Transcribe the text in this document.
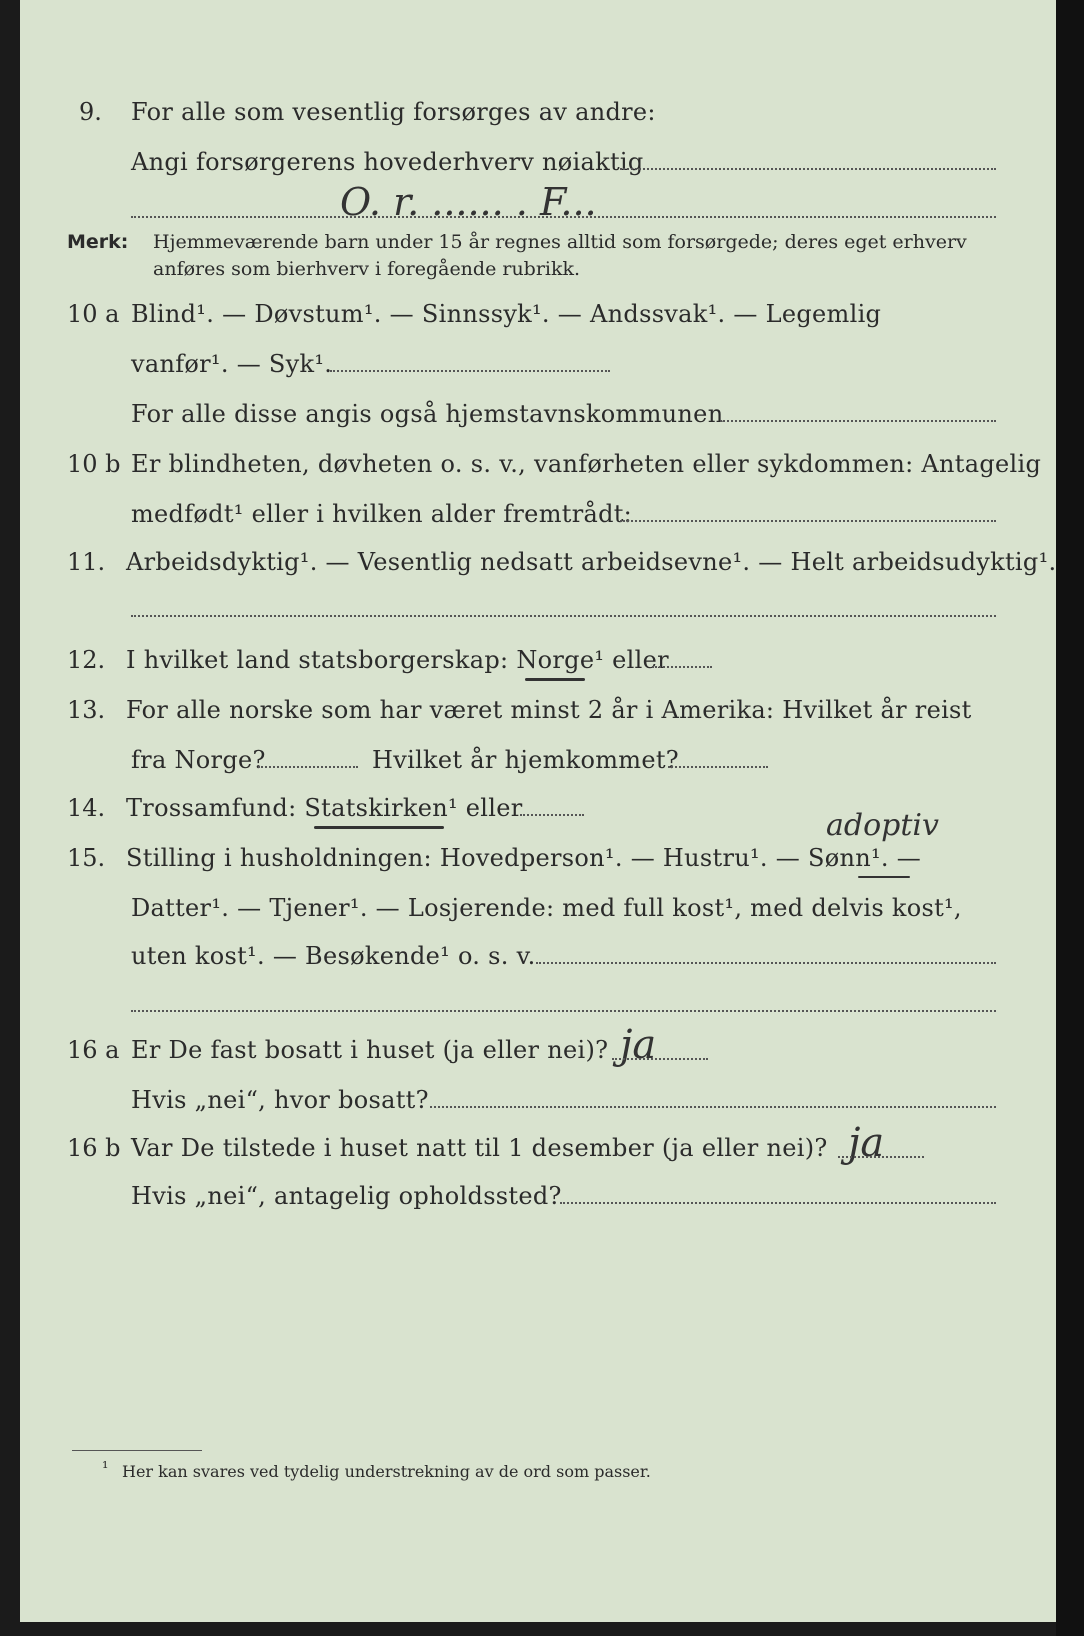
9. For alle som vesentlig forsørges av andre:
Angi forsørgerens hovederhverv nøiaktig
O. r. ...... . F...
Merk: Hjemmeværende barn under 15 år regnes alltid som forsørgede; deres eget erhverv
anføres som bierhverv i foregående rubrikk.
10 a Blind¹. — Døvstum¹. — Sinnssyk¹. — Andssvak¹. — Legemlig
vanfør¹. — Syk¹.
For alle disse angis også hjemstavnskommunen
10 b Er blindheten, døvheten o. s. v., vanførheten eller sykdommen: Antagelig
medfødt¹ eller i hvilken alder fremtrådt:
11. Arbeidsdyktig¹. — Vesentlig nedsatt arbeidsevne¹. — Helt arbeidsudyktig¹.
12. I hvilket land statsborgerskap: Norge¹ eller
13. For alle norske som har været minst 2 år i Amerika: Hvilket år reist
fra Norge?	Hvilket år hjemkommet?
14. Trossamfund: Statskirken¹ eller
15.
adoptiv
Stilling i husholdningen: Hovedperson¹. — Hustru¹. — Sønn¹. —
Datter¹. — Tjener¹. — Losjerende: med full kost¹, med delvis kost¹,
uten kost¹. — Besøkende¹ o. s. v.
16 a Er De fast bosatt i huset (ja eller nei)? ja
Hvis „nei“, hvor bosatt?
16 b Var De tilstede i huset natt til 1 desember (ja eller nei)? ja
Hvis „nei“, antagelig opholdssted?
¹ Her kan svares ved tydelig understrekning av de ord som passer.
